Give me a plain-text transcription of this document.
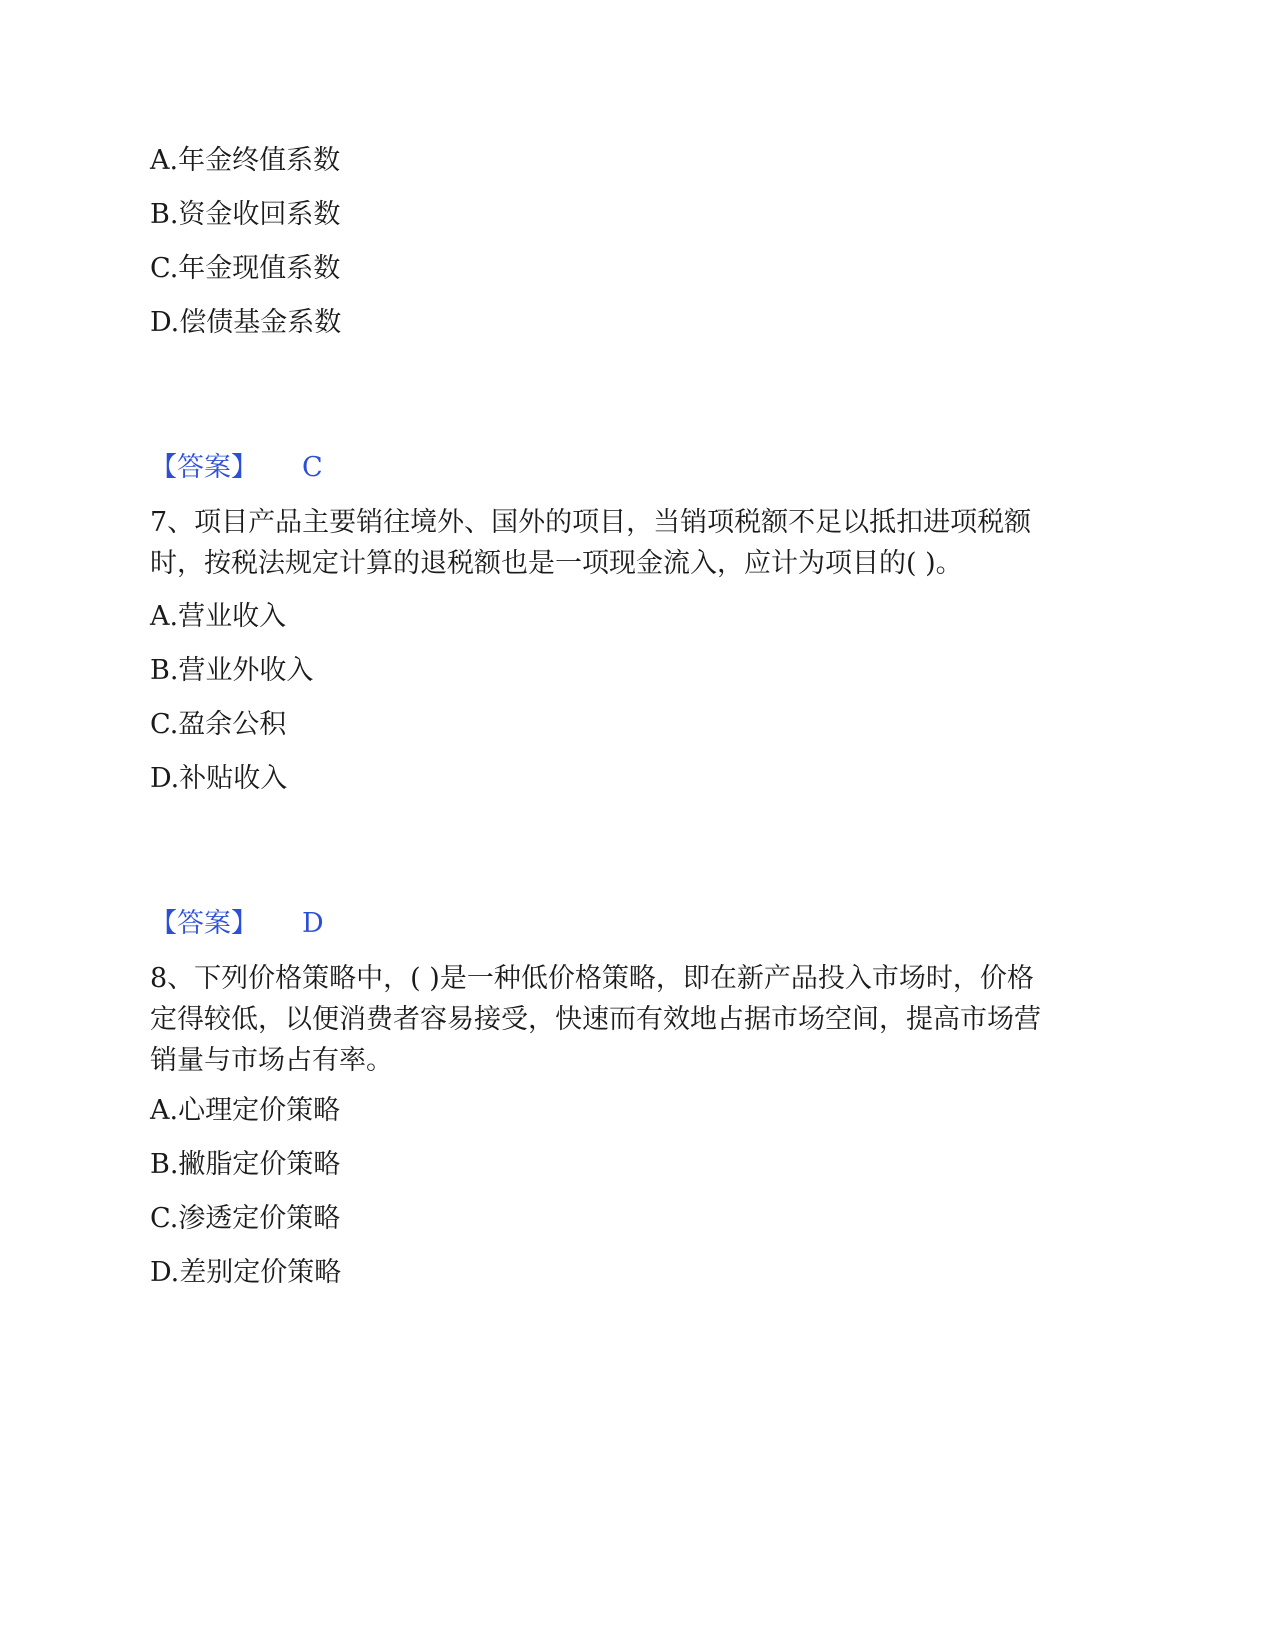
A.年金终值系数
B.资金收回系数
C.年金现值系数
D.偿债基金系数
【答案】 C
7、项目产品主要销往境外、国外的项目，当销项税额不足以抵扣进项税额
时，按税法规定计算的退税额也是一项现金流入，应计为项目的( )。
A.营业收入
B.营业外收入
C.盈余公积
D.补贴收入
【答案】 D
8、下列价格策略中，( )是一种低价格策略，即在新产品投入市场时，价格
定得较低，以便消费者容易接受，快速而有效地占据市场空间，提高市场营
销量与市场占有率。
A.心理定价策略
B.撇脂定价策略
C.渗透定价策略
D.差别定价策略
